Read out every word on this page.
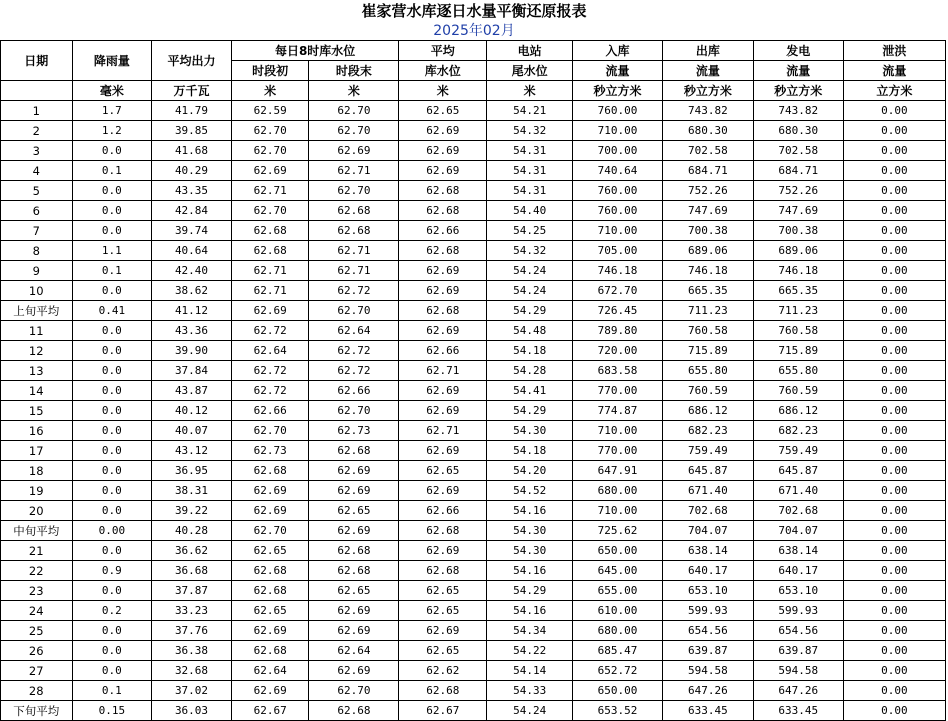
崔家营水库逐日水量平衡还原报表
2025年02月
日期	降雨量	平均出力	每日8时库水位		平均	电站	入库	出库	发电	泄洪
			时段初	时段末	库水位	尾水位	流量	流量	流量	流量
	毫米	万千瓦	米	米	米	米	秒立方米	秒立方米	秒立方米	立方米
1	1.7	41.79	62.59	62.70	62.65	54.21	760.00	743.82	743.82	0.00
2	1.2	39.85	62.70	62.70	62.69	54.32	710.00	680.30	680.30	0.00
3	0.0	41.68	62.70	62.69	62.69	54.31	700.00	702.58	702.58	0.00
4	0.1	40.29	62.69	62.71	62.69	54.31	740.64	684.71	684.71	0.00
5	0.0	43.35	62.71	62.70	62.68	54.31	760.00	752.26	752.26	0.00
6	0.0	42.84	62.70	62.68	62.68	54.40	760.00	747.69	747.69	0.00
7	0.0	39.74	62.68	62.68	62.66	54.25	710.00	700.38	700.38	0.00
8	1.1	40.64	62.68	62.71	62.68	54.32	705.00	689.06	689.06	0.00
9	0.1	42.40	62.71	62.71	62.69	54.24	746.18	746.18	746.18	0.00
10	0.0	38.62	62.71	62.72	62.69	54.24	672.70	665.35	665.35	0.00
上旬平均	0.41	41.12	62.69	62.70	62.68	54.29	726.45	711.23	711.23	0.00
11	0.0	43.36	62.72	62.64	62.69	54.48	789.80	760.58	760.58	0.00
12	0.0	39.90	62.64	62.72	62.66	54.18	720.00	715.89	715.89	0.00
13	0.0	37.84	62.72	62.72	62.71	54.28	683.58	655.80	655.80	0.00
14	0.0	43.87	62.72	62.66	62.69	54.41	770.00	760.59	760.59	0.00
15	0.0	40.12	62.66	62.70	62.69	54.29	774.87	686.12	686.12	0.00
16	0.0	40.07	62.70	62.73	62.71	54.30	710.00	682.23	682.23	0.00
17	0.0	43.12	62.73	62.68	62.69	54.18	770.00	759.49	759.49	0.00
18	0.0	36.95	62.68	62.69	62.65	54.20	647.91	645.87	645.87	0.00
19	0.0	38.31	62.69	62.69	62.69	54.52	680.00	671.40	671.40	0.00
20	0.0	39.22	62.69	62.65	62.66	54.16	710.00	702.68	702.68	0.00
中旬平均	0.00	40.28	62.70	62.69	62.68	54.30	725.62	704.07	704.07	0.00
21	0.0	36.62	62.65	62.68	62.69	54.30	650.00	638.14	638.14	0.00
22	0.9	36.68	62.68	62.68	62.68	54.16	645.00	640.17	640.17	0.00
23	0.0	37.87	62.68	62.65	62.65	54.29	655.00	653.10	653.10	0.00
24	0.2	33.23	62.65	62.69	62.65	54.16	610.00	599.93	599.93	0.00
25	0.0	37.76	62.69	62.69	62.69	54.34	680.00	654.56	654.56	0.00
26	0.0	36.38	62.68	62.64	62.65	54.22	685.47	639.87	639.87	0.00
27	0.0	32.68	62.64	62.69	62.62	54.14	652.72	594.58	594.58	0.00
28	0.1	37.02	62.69	62.70	62.68	54.33	650.00	647.26	647.26	0.00
下旬平均	0.15	36.03	62.67	62.68	62.67	54.24	653.52	633.45	633.45	0.00
